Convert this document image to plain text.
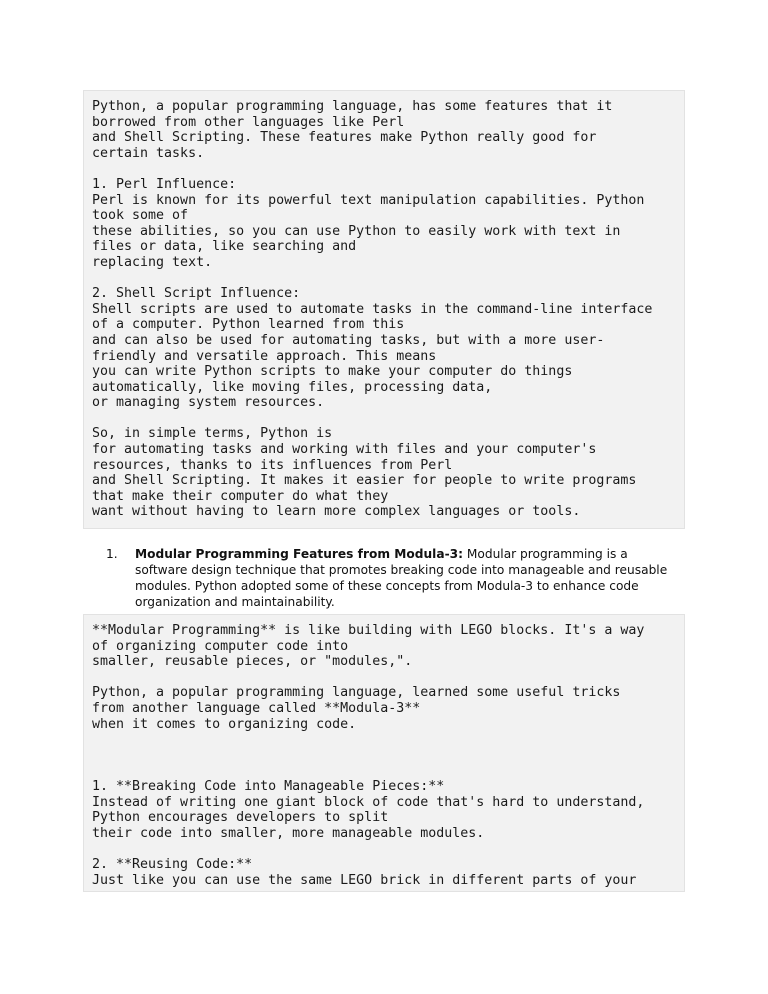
Python, a popular programming language, has some features that it
borrowed from other languages like Perl
and Shell Scripting. These features make Python really good for
certain tasks.

1. Perl Influence:
Perl is known for its powerful text manipulation capabilities. Python
took some of
these abilities, so you can use Python to easily work with text in
files or data, like searching and
replacing text.

2. Shell Script Influence:
Shell scripts are used to automate tasks in the command-line interface
of a computer. Python learned from this
and can also be used for automating tasks, but with a more user-
friendly and versatile approach. This means
you can write Python scripts to make your computer do things
automatically, like moving files, processing data,
or managing system resources.

So, in simple terms, Python is
for automating tasks and working with files and your computer's
resources, thanks to its influences from Perl
and Shell Scripting. It makes it easier for people to write programs
that make their computer do what they
want without having to learn more complex languages or tools.
1. Modular Programming Features from Modula-3: Modular programming is a software design technique that promotes breaking code into manageable and reusable modules. Python adopted some of these concepts from Modula-3 to enhance code organization and maintainability.
**Modular Programming** is like building with LEGO blocks. It's a way
of organizing computer code into
smaller, reusable pieces, or "modules,".

Python, a popular programming language, learned some useful tricks
from another language called **Modula-3**
when it comes to organizing code.

1. **Breaking Code into Manageable Pieces:**
Instead of writing one giant block of code that's hard to understand,
Python encourages developers to split
their code into smaller, more manageable modules.

2. **Reusing Code:**
Just like you can use the same LEGO brick in different parts of your
